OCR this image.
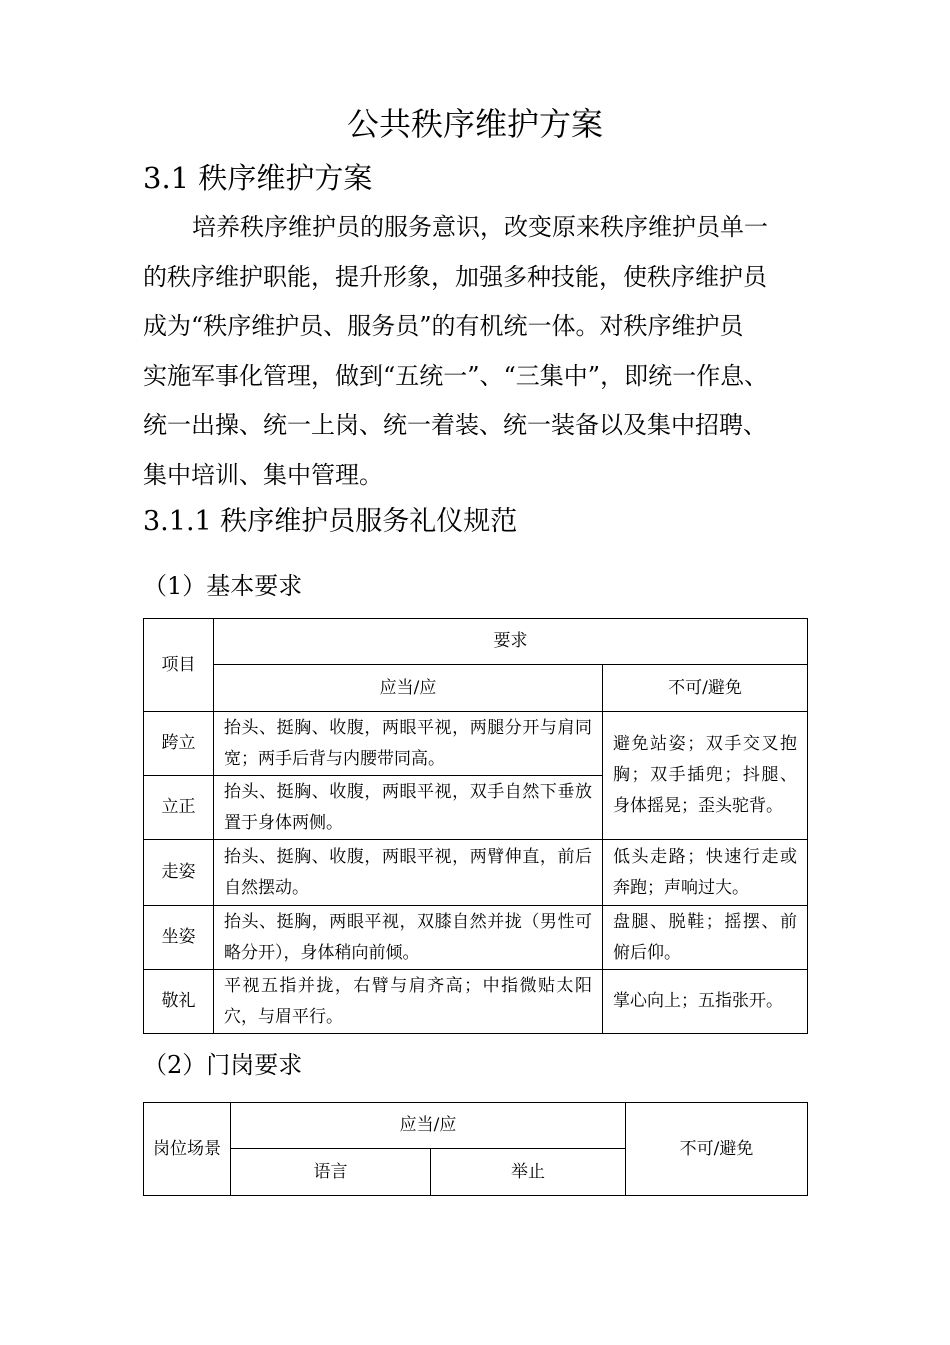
公共秩序维护方案
3.1 秩序维护方案
培养秩序维护员的服务意识，改变原来秩序维护员单一
的秩序维护职能，提升形象，加强多种技能，使秩序维护员
成为“秩序维护员、服务员”的有机统一体。对秩序维护员
实施军事化管理，做到“五统一”、“三集中”，即统一作息、
统一出操、统一上岗、统一着装、统一装备以及集中招聘、
集中培训、集中管理。
3.1.1 秩序维护员服务礼仪规范
（1）基本要求
项目	要求	
	应当/应	不可/避免
跨立	抬头、挺胸、收腹，两眼平视，两腿分开与肩同宽；两手后背与内腰带同高。	避免站姿；双手交叉抱胸；双手插兜；抖腿、身体摇晃；歪头驼背。
立正	抬头、挺胸、收腹，两眼平视，双手自然下垂放置于身体两侧。	
走姿	抬头、挺胸、收腹，两眼平视，两臂伸直，前后自然摆动。	低头走路；快速行走或奔跑；声响过大。
坐姿	抬头、挺胸，两眼平视，双膝自然并拢（男性可略分开），身体稍向前倾。	盘腿、脱鞋；摇摆、前俯后仰。
敬礼	平视五指并拢，右臂与肩齐高；中指微贴太阳穴，与眉平行。	掌心向上；五指张开。
（2）门岗要求
岗位场景	应当/应		不可/避免
	语言	举止	
